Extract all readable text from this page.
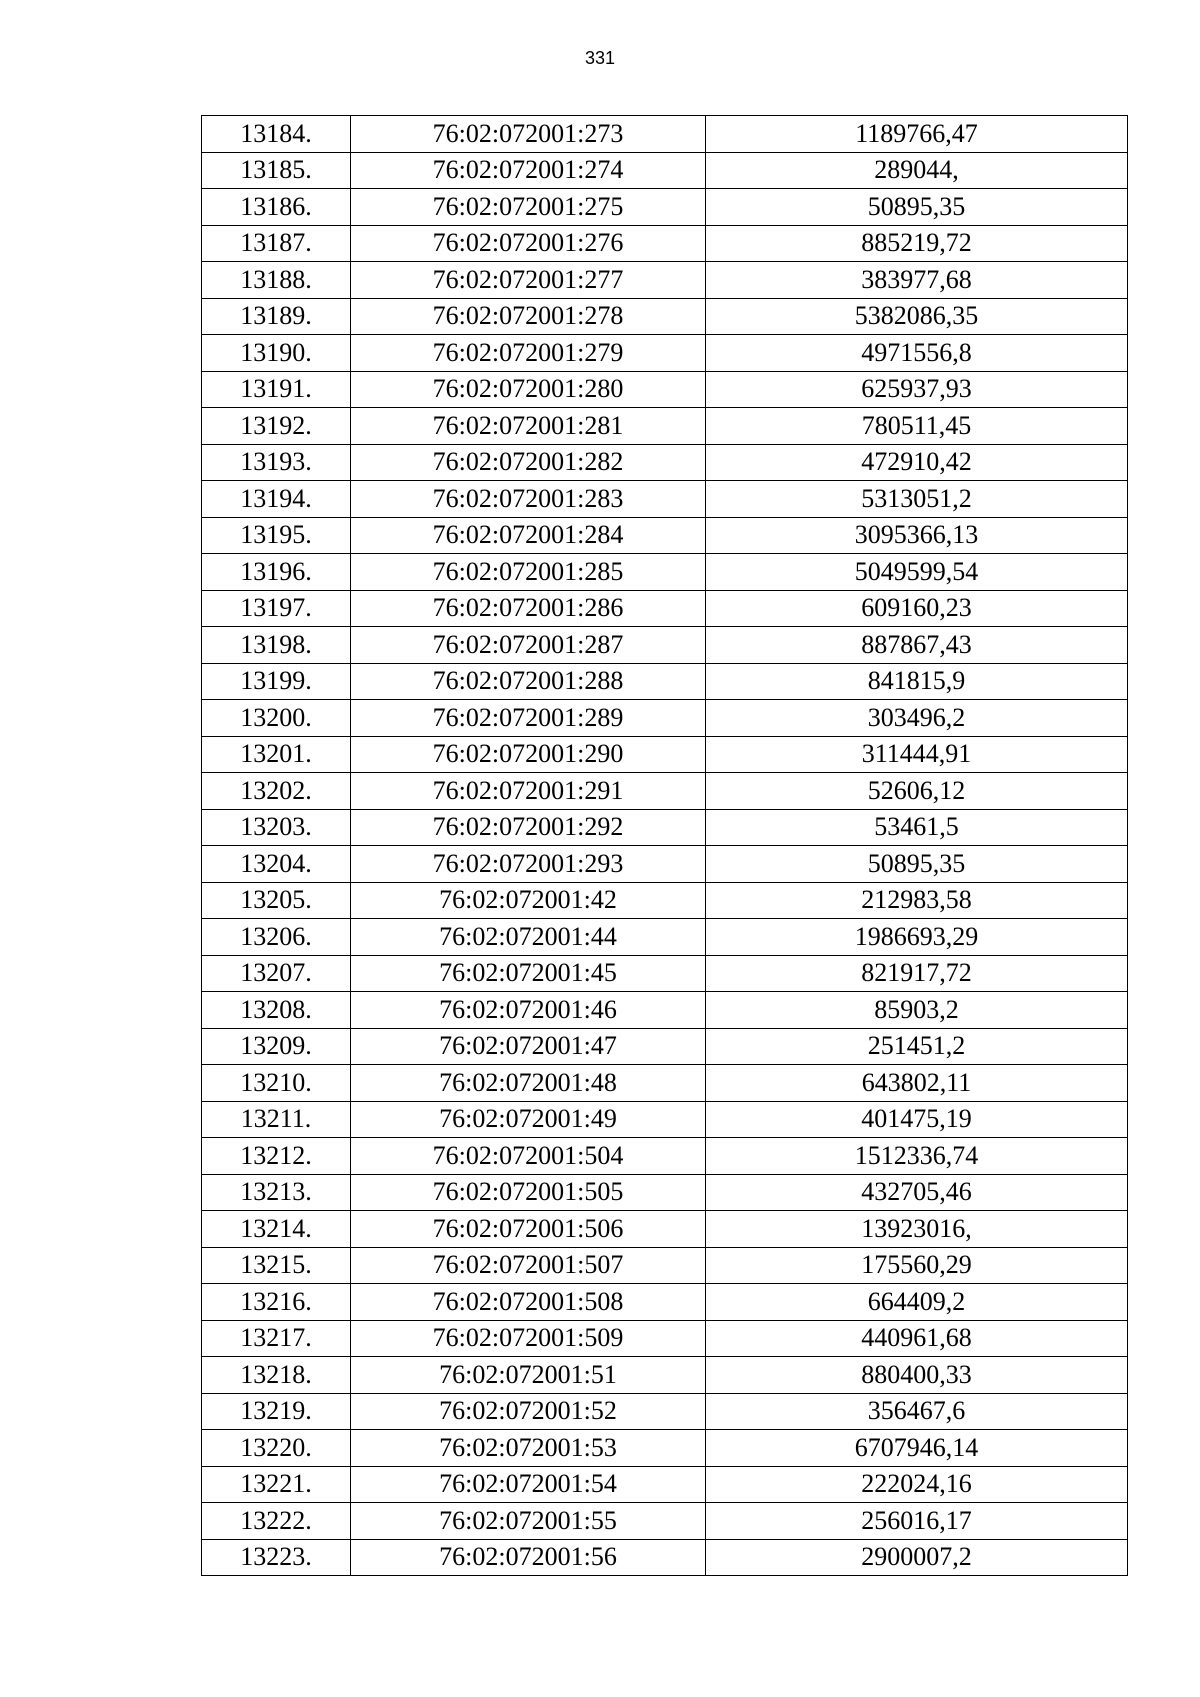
331
13184.	76:02:072001:273	1189766,47
13185.	76:02:072001:274	289044,
13186.	76:02:072001:275	50895,35
13187.	76:02:072001:276	885219,72
13188.	76:02:072001:277	383977,68
13189.	76:02:072001:278	5382086,35
13190.	76:02:072001:279	4971556,8
13191.	76:02:072001:280	625937,93
13192.	76:02:072001:281	780511,45
13193.	76:02:072001:282	472910,42
13194.	76:02:072001:283	5313051,2
13195.	76:02:072001:284	3095366,13
13196.	76:02:072001:285	5049599,54
13197.	76:02:072001:286	609160,23
13198.	76:02:072001:287	887867,43
13199.	76:02:072001:288	841815,9
13200.	76:02:072001:289	303496,2
13201.	76:02:072001:290	311444,91
13202.	76:02:072001:291	52606,12
13203.	76:02:072001:292	53461,5
13204.	76:02:072001:293	50895,35
13205.	76:02:072001:42	212983,58
13206.	76:02:072001:44	1986693,29
13207.	76:02:072001:45	821917,72
13208.	76:02:072001:46	85903,2
13209.	76:02:072001:47	251451,2
13210.	76:02:072001:48	643802,11
13211.	76:02:072001:49	401475,19
13212.	76:02:072001:504	1512336,74
13213.	76:02:072001:505	432705,46
13214.	76:02:072001:506	13923016,
13215.	76:02:072001:507	175560,29
13216.	76:02:072001:508	664409,2
13217.	76:02:072001:509	440961,68
13218.	76:02:072001:51	880400,33
13219.	76:02:072001:52	356467,6
13220.	76:02:072001:53	6707946,14
13221.	76:02:072001:54	222024,16
13222.	76:02:072001:55	256016,17
13223.	76:02:072001:56	2900007,2
